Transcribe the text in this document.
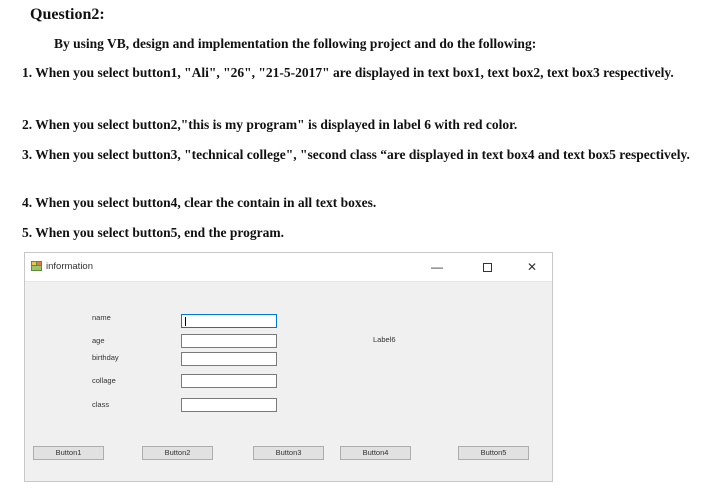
Question2:
By using VB, design and implementation the following project and do the following:
1. When you select button1, "Ali", "26", "21-5-2017" are displayed in text box1, text box2, text box3 respectively.
2. When you select button2,"this is my program" is displayed in label 6 with red color.
3. When you select button3, "technical college", "second class “are displayed in text box4 and text box5 respectively.
4. When you select button4, clear the contain in all text boxes.
5. When you select button5, end the program.
information	—	✕
name
age
birthday
collage
class
Label6
Button1	Button2	Button3	Button4	Button5
